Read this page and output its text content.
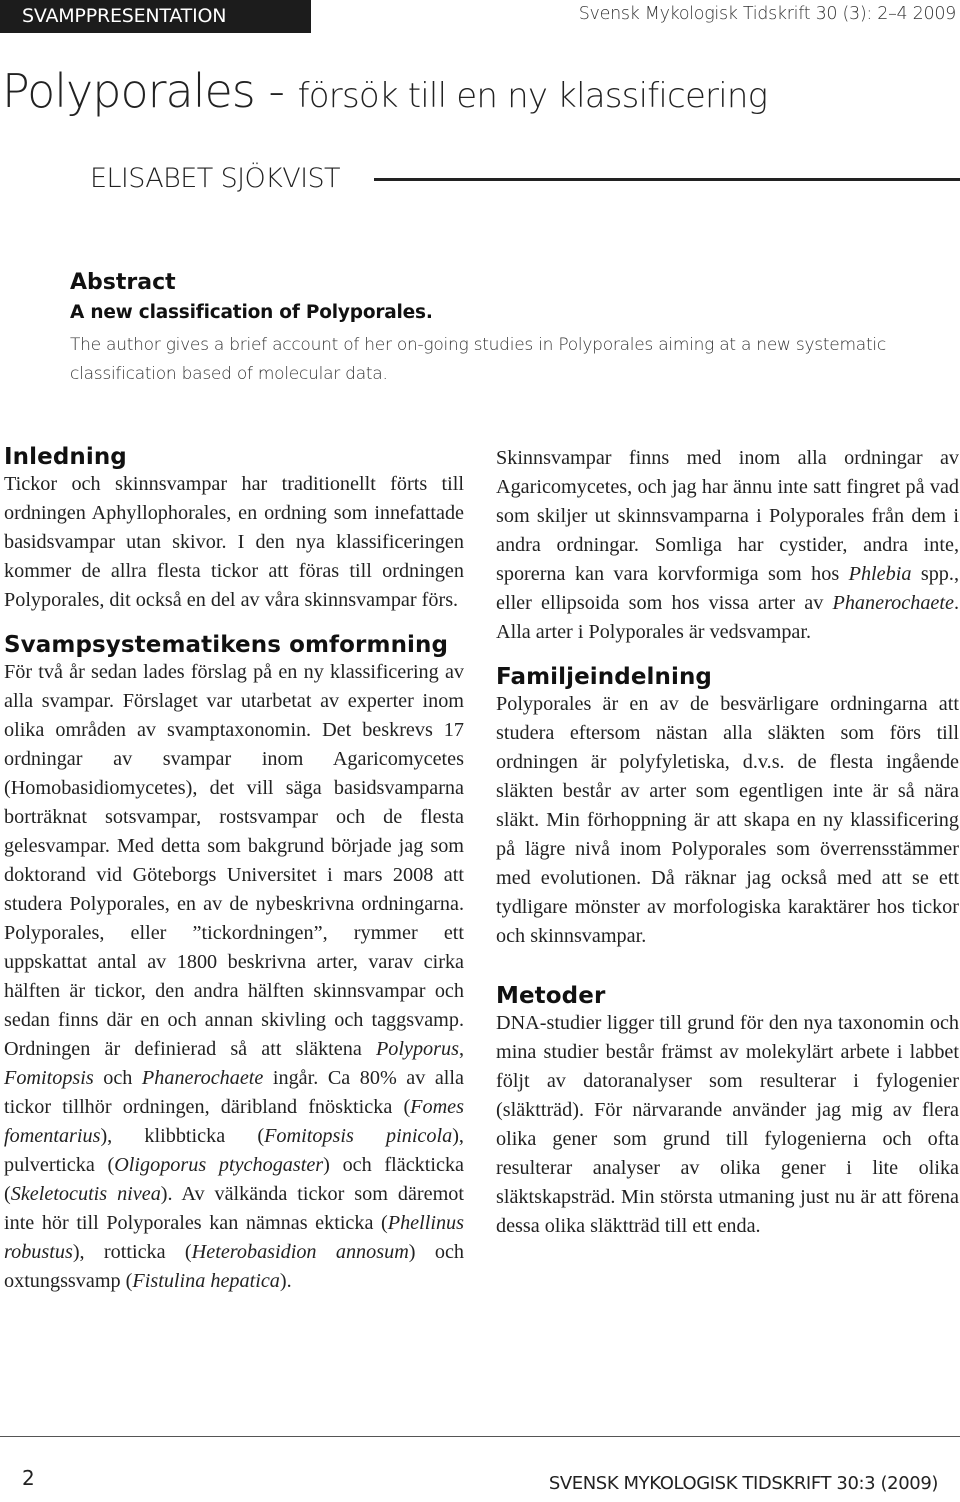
SVAMPPRESENTATION	Svensk Mykologisk Tidskrift 30 (3): 2–4 2009
Polyporales - försök till en ny klassificering
ELISABET SJÖKVIST
Abstract
A new classification of Polyporales.
The author gives a brief account of her on-going studies in Polyporales aiming at a new systematic classification based of molecular data.
Inledning

Tickor och skinnsvampar har traditionellt förts till ordningen Aphyllophorales, en ordning som innefattade basidsvampar utan skivor. I den nya klassificeringen kommer de allra flesta tickor att föras till ordningen Polyporales, dit också en del av våra skinnsvampar förs.

Svampsystematikens omformning

För två år sedan lades förslag på en ny klassificering av alla svampar. Förslaget var utarbetat av experter inom olika områden av svamptaxonomin. Det beskrevs 17 ordningar av svampar inom Agaricomycetes (Homobasidiomycetes), det vill säga basidsvamparna borträknat sotsvampar, rostsvampar och de flesta gelesvampar. Med detta som bakgrund började jag som doktorand vid Göteborgs Universitet i mars 2008 att studera Polyporales, en av de nybeskrivna ordningarna. Polyporales, eller ”tickordningen”, rymmer ett uppskattat antal av 1800 beskrivna arter, varav cirka hälften är tickor, den andra hälften skinnsvampar och sedan finns där en och annan skivling och taggsvamp. Ordningen är definierad så att släktena Polyporus, Fomitopsis och Phanerochaete ingår. Ca 80% av alla tickor tillhör ordningen, däribland fnöskticka (Fomes fomentarius), klibbticka (Fomitopsis pinicola), pulverticka (Oligoporus ptychogaster) och fläckticka (Skeletocutis nivea). Av välkända tickor som däremot inte hör till Polyporales kan nämnas ekticka (Phellinus robustus), rotticka (Heterobasidion annosum) och oxtungssvamp (Fistulina hepatica).

Skinnsvampar finns med inom alla ordningar av Agaricomycetes, och jag har ännu inte satt fingret på vad som skiljer ut skinnsvamparna i Polyporales från dem i andra ordningar. Somliga har cystider, andra inte, sporerna kan vara korvformiga som hos Phlebia spp., eller ellipsoida som hos vissa arter av Phanerochaete. Alla arter i Polyporales är vedsvampar.

Familjeindelning

Polyporales är en av de besvärligare ordningarna att studera eftersom nästan alla släkten som förs till ordningen är polyfyletiska, d.v.s. de flesta ingående släkten består av arter som egentligen inte är så nära släkt. Min förhoppning är att skapa en ny klassificering på lägre nivå inom Polyporales som överrensstämmer med evolutionen. Då räknar jag också med att se ett tydligare mönster av morfologiska karaktärer hos tickor och skinnsvampar.

Metoder

DNA-studier ligger till grund för den nya taxonomin och mina studier består främst av molekylärt arbete i labbet följt av datoranalyser som resulterar i fylogenier (släktträd). För närvarande använder jag mig av flera olika gener som grund till fylogenierna och ofta resulterar analyser av olika gener i lite olika släktskapsträd. Min största utmaning just nu är att förena dessa olika släktträd till ett enda.

2	SVENSK MYKOLOGISK TIDSKRIFT 30:3 (2009)
